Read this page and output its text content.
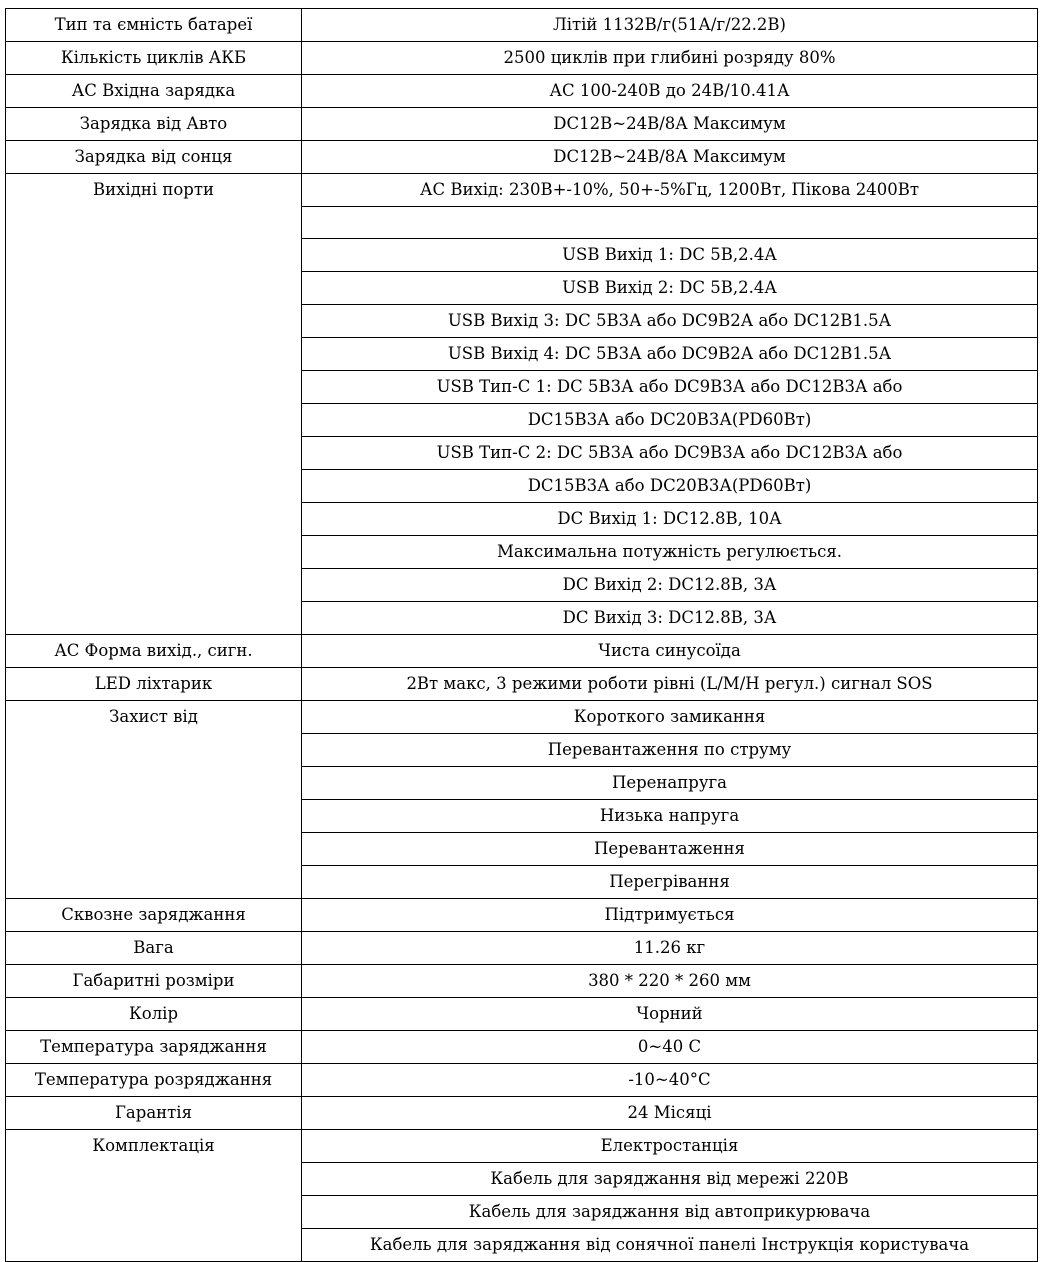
Тип та ємність батареї	Літій 1132В/г(51А/г/22.2В)
Кількість циклів АКБ	2500 циклів при глибині розряду 80%
АС Вхідна зарядка	АС 100-240В до 24В/10.41А
Зарядка від Авто	DC12В~24В/8А Максимум
Зарядка від сонця	DC12В~24В/8А Максимум
Вихідні порти	АС Вихід: 230В+-10%, 50+-5%Гц, 1200Вт, Пікова 2400Вт

	USB Вихід 1: DC 5В,2.4А
	USB Вихід 2: DC 5В,2.4А
	USB Вихід 3: DC 5В3А або DC9В2А або DC12В1.5А
	USB Вихід 4: DC 5В3А або DC9В2А або DC12В1.5А
	USB Тип-С 1: DC 5В3А або DC9В3А або DC12В3А або
	DC15В3А або DC20В3А(PD60Вт)
	USB Тип-С 2: DC 5В3А або DC9В3А або DC12В3А або
	DC15В3А або DC20В3А(PD60Вт)
	DC Вихід 1: DC12.8В, 10А
	Максимальна потужність регулюється.
	DC Вихід 2: DC12.8В, 3А
	DC Вихід 3: DC12.8В, 3А
АС Форма вихід., сигн.	Чиста синусоїда
LED ліхтарик	2Вт макс, 3 режими роботи рівні (L/M/H регул.) сигнал SOS
Захист від	Короткого замикання
	Перевантаження по струму
	Перенапруга
	Низька напруга
	Перевантаження
	Перегрівання
Сквозне заряджання	Підтримується
Вага	11.26 кг
Габаритні розміри	380 * 220 * 260 мм
Колір	Чорний
Температура заряджання	0~40 С
Температура розряджання	-10~40°С
Гарантія	24 Місяці
Комплектація	Електростанція
	Кабель для заряджання від мережі 220В
	Кабель для заряджання від автоприкурювача
	Кабель для заряджання від сонячної панелі Інструкція користувача
